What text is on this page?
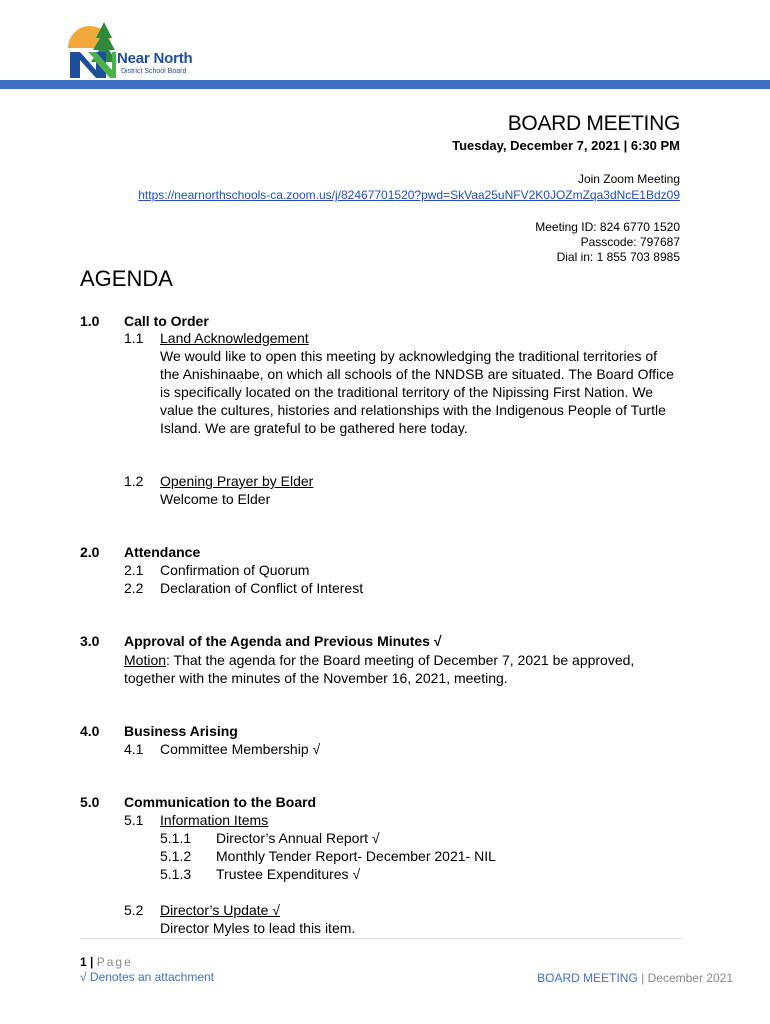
Near North
District School Board
BOARD MEETING
Tuesday, December 7, 2021 | 6:30 PM
Join Zoom Meeting
https://nearnorthschools-ca.zoom.us/j/82467701520?pwd=SkVaa25uNFV2K0JOZmZqa3dNcE1Bdz09
Meeting ID: 824 6770 1520
Passcode: 797687
Dial in: 1 855 703 8985
AGENDA
1.0 Call to Order
1.1 Land Acknowledgement
We would like to open this meeting by acknowledging the traditional territories of the Anishinaabe, on which all schools of the NNDSB are situated. The Board Office is specifically located on the traditional territory of the Nipissing First Nation. We value the cultures, histories and relationships with the Indigenous People of Turtle Island. We are grateful to be gathered here today.
1.2 Opening Prayer by Elder
Welcome to Elder
2.0 Attendance
2.1 Confirmation of Quorum
2.2 Declaration of Conflict of Interest
3.0 Approval of the Agenda and Previous Minutes √
Motion: That the agenda for the Board meeting of December 7, 2021 be approved,
together with the minutes of the November 16, 2021, meeting.
4.0 Business Arising
4.1 Committee Membership √
5.0 Communication to the Board
5.1 Information Items
5.1.1 Director’s Annual Report √
5.1.2 Monthly Tender Report- December 2021- NIL
5.1.3 Trustee Expenditures √
5.2 Director’s Update √
Director Myles to lead this item.
1 | Page
√ Denotes an attachment	BOARD MEETING | December 2021
